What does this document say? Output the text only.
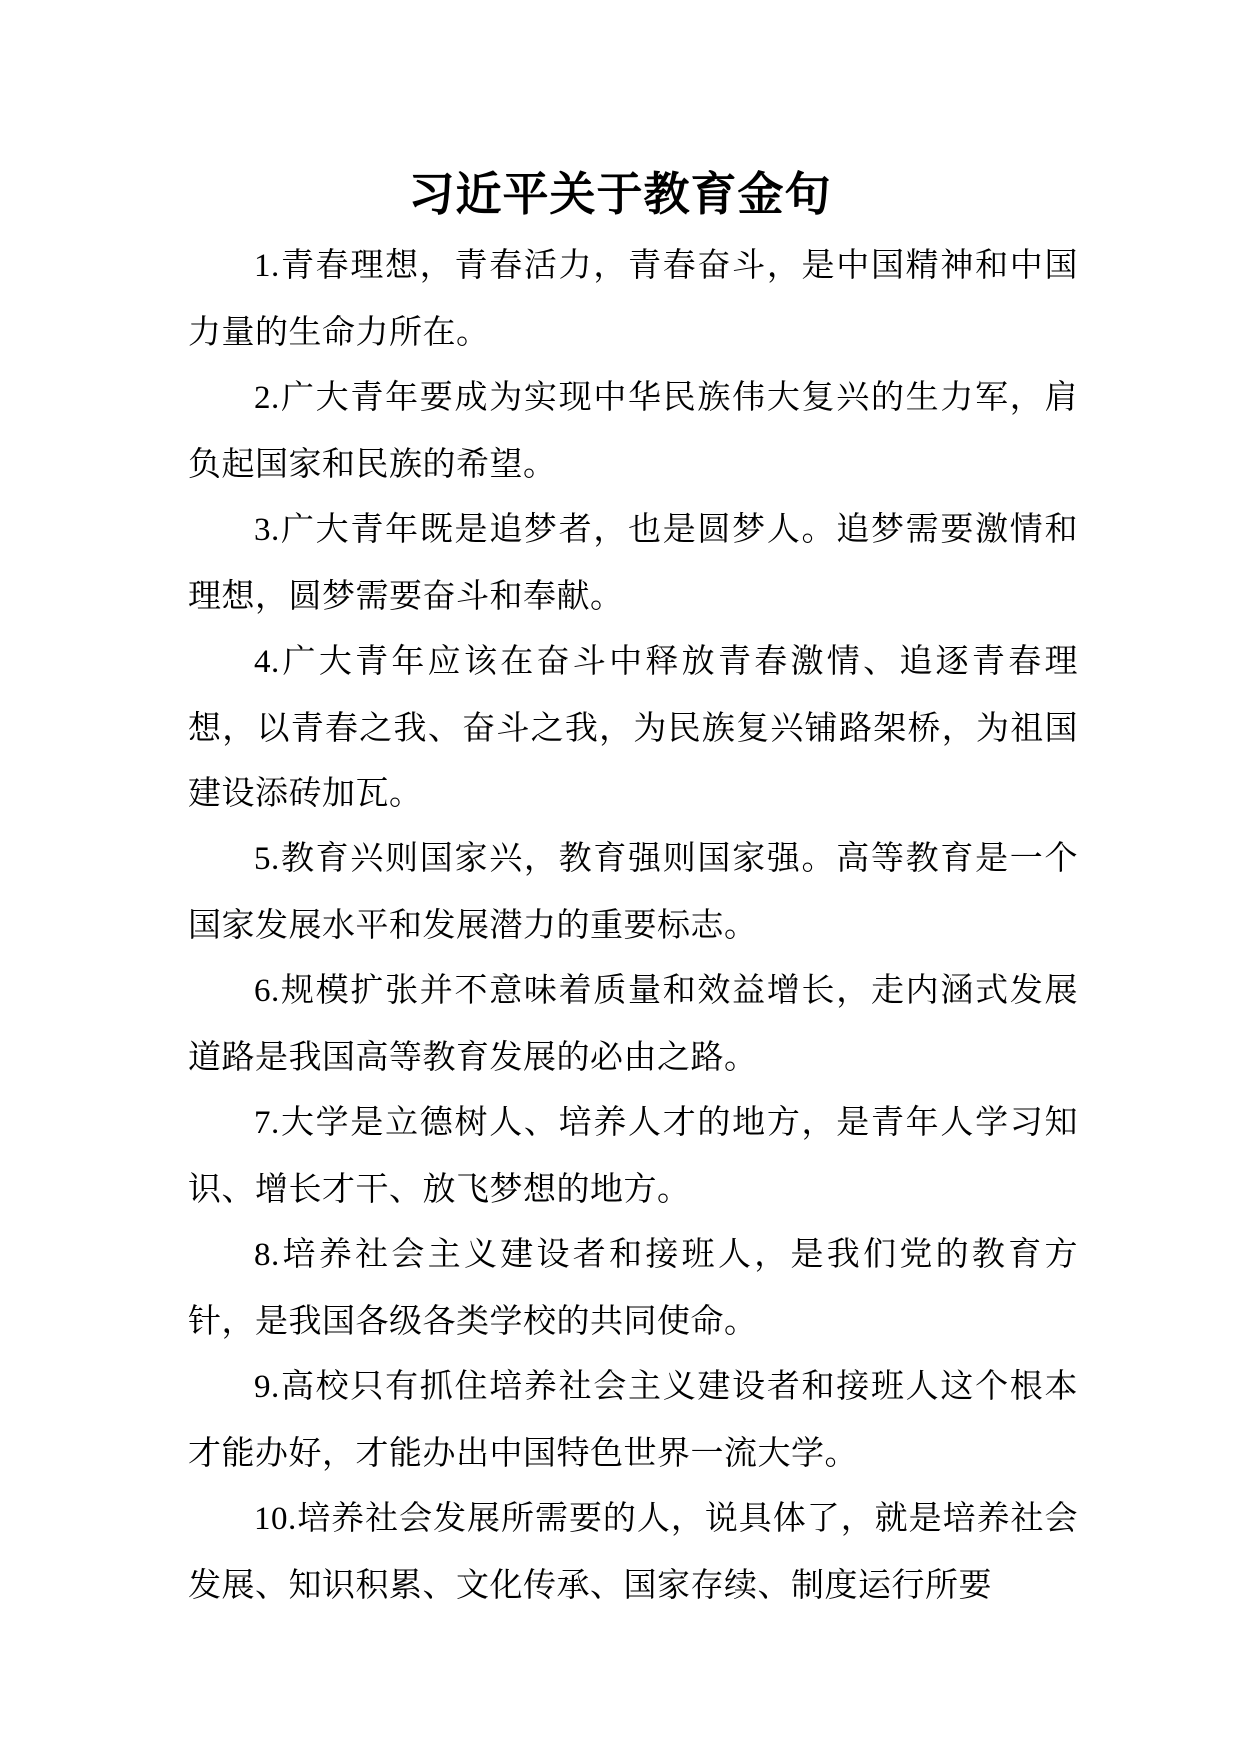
习近平关于教育金句

1.青春理想，青春活力，青春奋斗，是中国精神和中国力量的生命力所在。

2.广大青年要成为实现中华民族伟大复兴的生力军，肩负起国家和民族的希望。

3.广大青年既是追梦者，也是圆梦人。追梦需要激情和理想，圆梦需要奋斗和奉献。

4.广大青年应该在奋斗中释放青春激情、追逐青春理想，以青春之我、奋斗之我，为民族复兴铺路架桥，为祖国建设添砖加瓦。

5.教育兴则国家兴，教育强则国家强。高等教育是一个国家发展水平和发展潜力的重要标志。

6.规模扩张并不意味着质量和效益增长，走内涵式发展道路是我国高等教育发展的必由之路。

7.大学是立德树人、培养人才的地方，是青年人学习知识、增长才干、放飞梦想的地方。

8.培养社会主义建设者和接班人，是我们党的教育方针，是我国各级各类学校的共同使命。

9.高校只有抓住培养社会主义建设者和接班人这个根本才能办好，才能办出中国特色世界一流大学。

10.培养社会发展所需要的人，说具体了，就是培养社会发展、知识积累、文化传承、国家存续、制度运行所要
